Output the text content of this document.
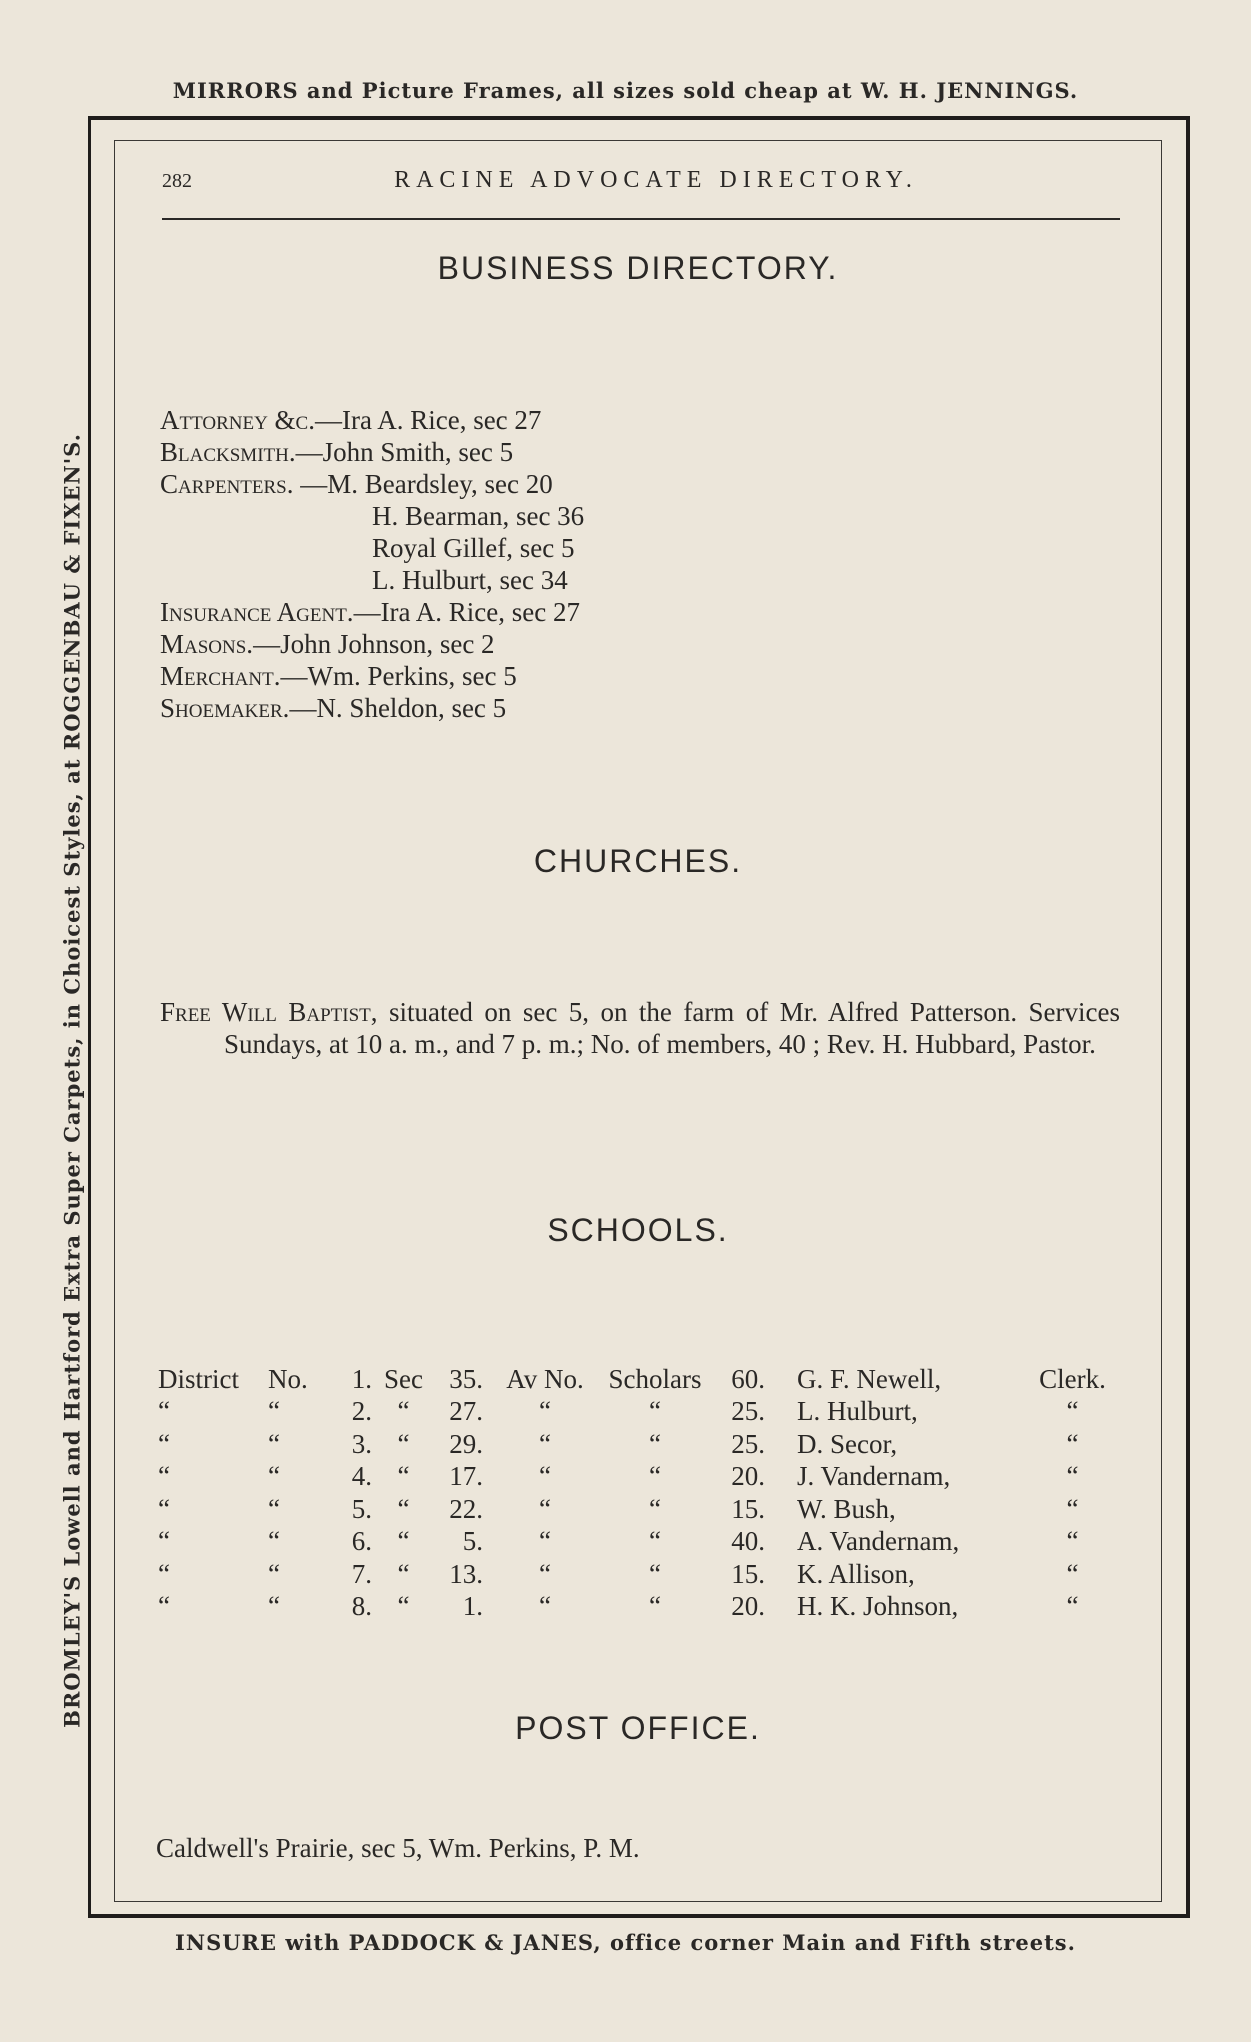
MIRRORS and Picture Frames, all sizes sold cheap at W. H. JENNINGS.
BROMLEY'S Lowell and Hartford Extra Super Carpets, in Choicest Styles, at ROGGENBAU & FIXEN'S.
INSURE with PADDOCK & JANES, office corner Main and Fifth streets.
282	RACINE ADVOCATE DIRECTORY.
BUSINESS DIRECTORY.
Attorney &c.—Ira A. Rice, sec 27
Blacksmith.—John Smith, sec 5
Carpenters. —M. Beardsley, sec 20
H. Bearman, sec 36
Royal Gillef, sec 5
L. Hulburt, sec 34
Insurance Agent.—Ira A. Rice, sec 27
Masons.—John Johnson, sec 2
Merchant.—Wm. Perkins, sec 5
Shoemaker.—N. Sheldon, sec 5
CHURCHES.
Free Will Baptist, situated on sec 5, on the farm of Mr. Alfred Patterson. Services Sundays, at 10 a. m., and 7 p. m.; No. of members, 40 ; Rev. H. Hubbard, Pastor.
SCHOOLS.
District	No.	1.	Sec	35.	Av No.	Scholars	60.	G. F. Newell,	Clerk.
“	“	2.	“	27.	“	“	25.	L. Hulburt,	“
“	“	3.	“	29.	“	“	25.	D. Secor,	“
“	“	4.	“	17.	“	“	20.	J. Vandernam,	“
“	“	5.	“	22.	“	“	15.	W. Bush,	“
“	“	6.	“	5.	“	“	40.	A. Vandernam,	“
“	“	7.	“	13.	“	“	15.	K. Allison,	“
“	“	8.	“	1.	“	“	20.	H. K. Johnson,	“
POST OFFICE.
Caldwell's Prairie, sec 5, Wm. Perkins, P. M.
